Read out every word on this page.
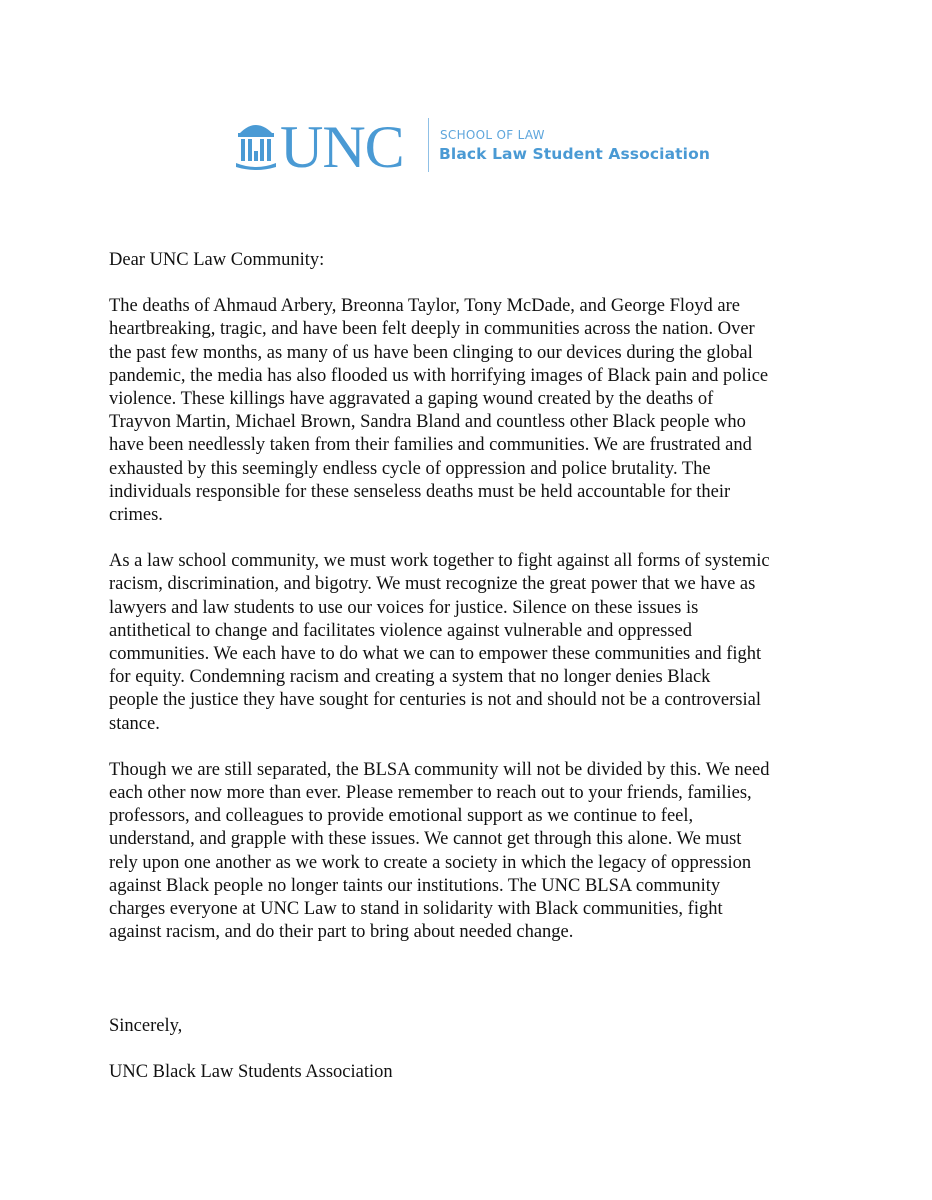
UNC	SCHOOL OF LAW
Black Law Student Association

Dear UNC Law Community:

The deaths of Ahmaud Arbery, Breonna Taylor, Tony McDade, and George Floyd are
heartbreaking, tragic, and have been felt deeply in communities across the nation. Over
the past few months, as many of us have been clinging to our devices during the global
pandemic, the media has also flooded us with horrifying images of Black pain and police
violence. These killings have aggravated a gaping wound created by the deaths of
Trayvon Martin, Michael Brown, Sandra Bland and countless other Black people who
have been needlessly taken from their families and communities. We are frustrated and
exhausted by this seemingly endless cycle of oppression and police brutality. The
individuals responsible for these senseless deaths must be held accountable for their
crimes.

As a law school community, we must work together to fight against all forms of systemic
racism, discrimination, and bigotry. We must recognize the great power that we have as
lawyers and law students to use our voices for justice. Silence on these issues is
antithetical to change and facilitates violence against vulnerable and oppressed
communities. We each have to do what we can to empower these communities and fight
for equity. Condemning racism and creating a system that no longer denies Black
people the justice they have sought for centuries is not and should not be a controversial
stance.

Though we are still separated, the BLSA community will not be divided by this. We need
each other now more than ever. Please remember to reach out to your friends, families,
professors, and colleagues to provide emotional support as we continue to feel,
understand, and grapple with these issues. We cannot get through this alone. We must
rely upon one another as we work to create a society in which the legacy of oppression
against Black people no longer taints our institutions. The UNC BLSA community
charges everyone at UNC Law to stand in solidarity with Black communities, fight
against racism, and do their part to bring about needed change.

Sincerely,
UNC Black Law Students Association
